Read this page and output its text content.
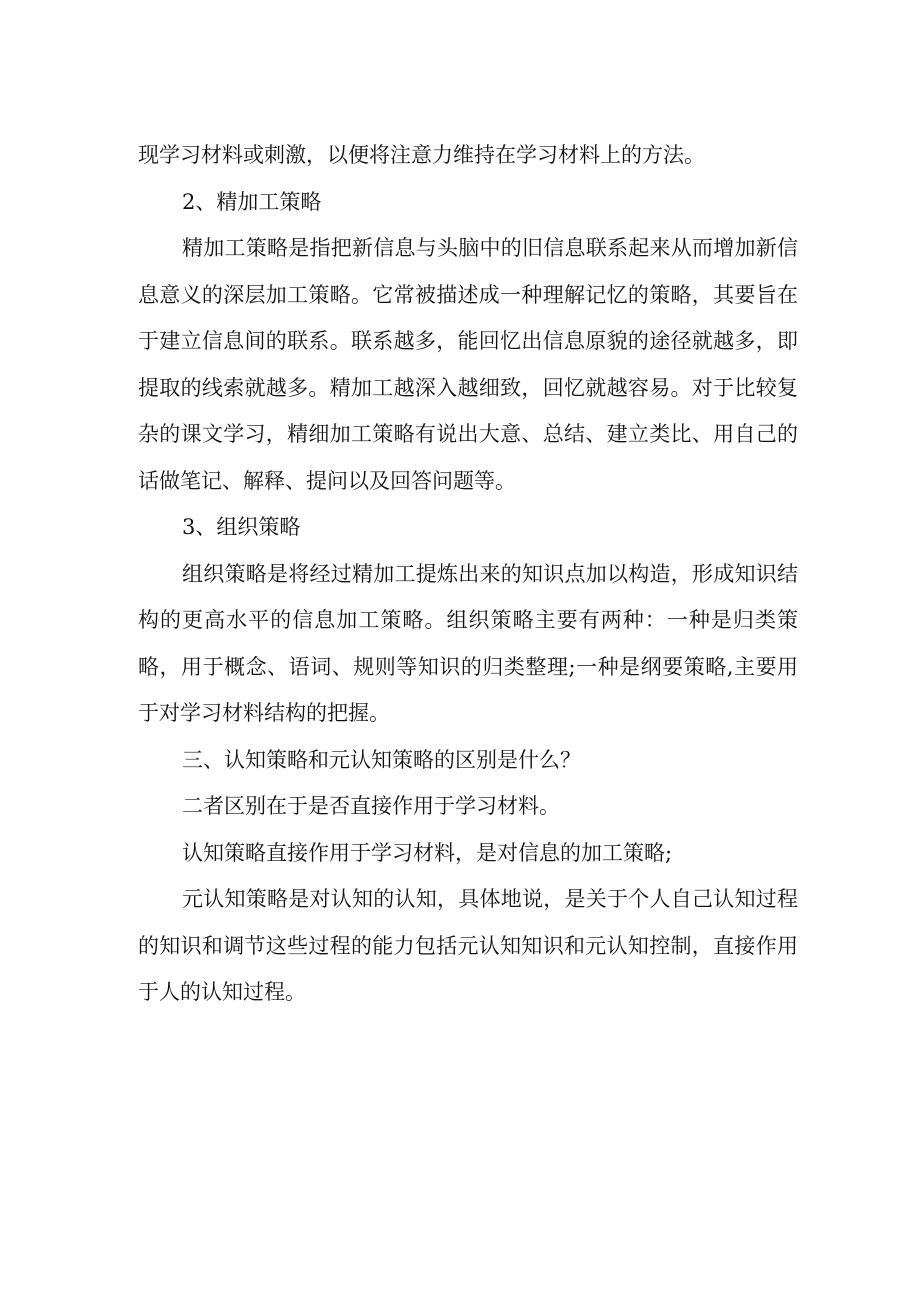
现学习材料或刺激，以便将注意力维持在学习材料上的方法。

2、精加工策略

精加工策略是指把新信息与头脑中的旧信息联系起来从而增加新信息意义的深层加工策略。它常被描述成一种理解记忆的策略，其要旨在于建立信息间的联系。联系越多，能回忆出信息原貌的途径就越多，即提取的线索就越多。精加工越深入越细致，回忆就越容易。对于比较复杂的课文学习，精细加工策略有说出大意、总结、建立类比、用自己的话做笔记、解释、提问以及回答问题等。

3、组织策略

组织策略是将经过精加工提炼出来的知识点加以构造，形成知识结构的更高水平的信息加工策略。组织策略主要有两种：一种是归类策略，用于概念、语词、规则等知识的归类整理;一种是纲要策略,主要用于对学习材料结构的把握。

三、认知策略和元认知策略的区别是什么？

二者区别在于是否直接作用于学习材料。

认知策略直接作用于学习材料，是对信息的加工策略;

元认知策略是对认知的认知，具体地说，是关于个人自己认知过程的知识和调节这些过程的能力包括元认知知识和元认知控制，直接作用于人的认知过程。
